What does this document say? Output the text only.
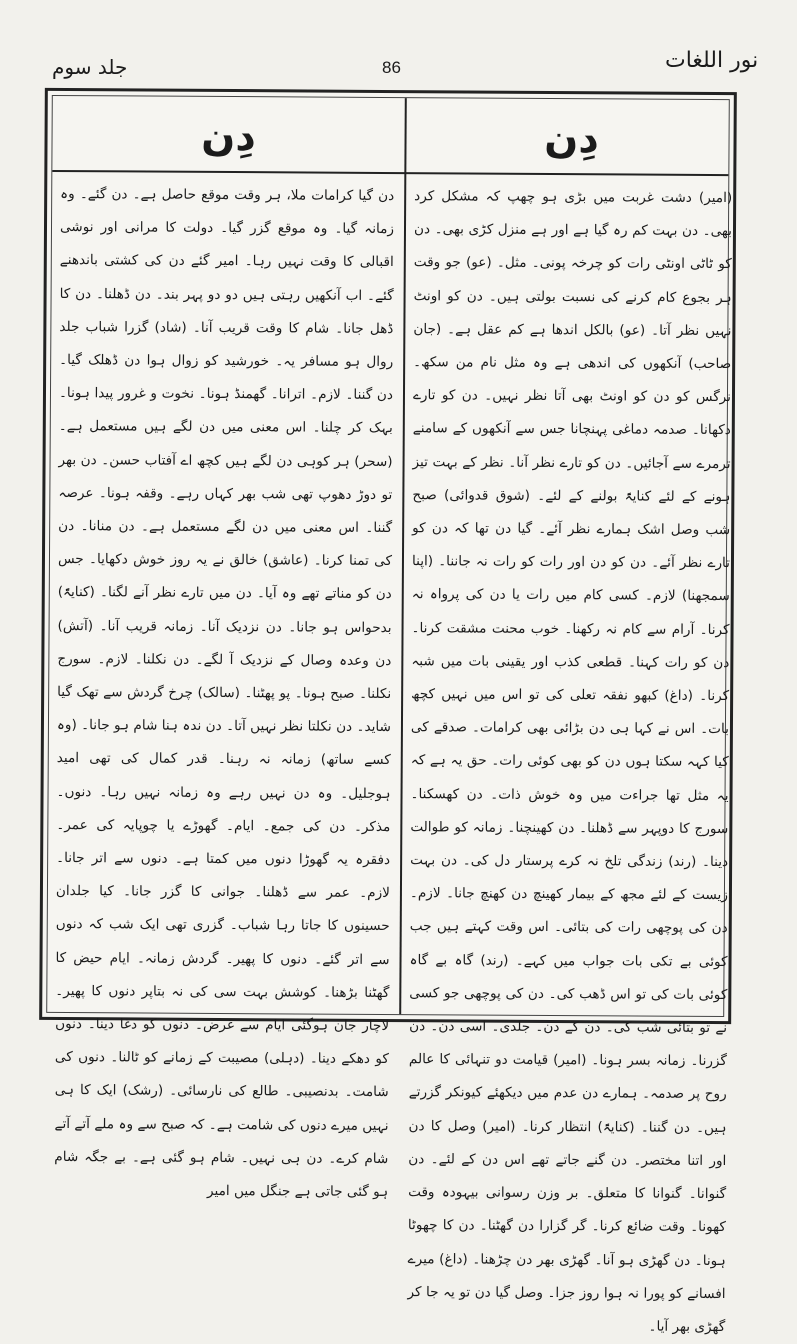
جلد سوم	86	نور اللغات
دِن	دِن

دن گیا کرامات ملا، ہر وقت موقع حاصل ہے۔ دن گئے۔ وہ زمانہ گیا۔ وہ موقع گزر گیا۔ دولت کا مرانی اور نوشی اقبالی کا وقت نہیں رہا۔ امیر گئے دن کی کشتی باندھنے گئے۔ اب آنکھیں رہتی ہیں دو دو پہر بند۔ دن ڈھلنا۔ دن کا ڈھل جانا۔ شام کا وقت قریب آنا۔ (شاد) گزرا شباب جلد روال ہو مسافر یہ۔ خورشید کو زوال ہوا دن ڈھلک گیا۔ دن گننا۔ لازم۔ اترانا۔ گھمنڈ ہونا۔ نخوت و غرور پیدا ہونا۔ بہک کر چلنا۔ اس معنی میں دن لگے ہیں مستعمل ہے۔ (سحر) ہر کوہی دن لگے ہیں کچھ اے آفتاب حسن۔ دن بھر تو دوڑ دھوپ تھی شب بھر کہاں رہے۔ وقفہ ہونا۔ عرصہ گننا۔ اس معنی میں دن لگے مستعمل ہے۔ دن منانا۔ دن کی تمنا کرنا۔ (عاشق) خالق نے یہ روز خوش دکھایا۔ جس دن کو مناتے تھے وہ آیا۔ دن میں تارے نظر آنے لگنا۔ (کنایۃً) بدحواس ہو جانا۔ دن نزدیک آنا۔ زمانہ قریب آنا۔ (آتش) دن وعدہ وصال کے نزدیک آ لگے۔ دن نکلنا۔ لازم۔ سورج نکلنا۔ صبح ہونا۔ پو پھٹنا۔ (سالک) چرخ گردش سے تھک گیا شاید۔ دن نکلتا نظر نہیں آتا۔ دن ندہ ہنا شام ہو جانا۔ (وہ کسے ساتھ) زمانہ نہ رہنا۔ قدر کمال کی تھی امید ہوجلیل۔ وہ دن نہیں رہے وہ زمانہ نہیں رہا۔ دنوں۔ مذکر۔ دن کی جمع۔ ایام۔ گھوڑے یا چوپایہ کی عمر۔ دفقرہ یہ گھوڑا دنوں میں کمتا ہے۔ دنوں سے اتر جانا۔ لازم۔ عمر سے ڈھلنا۔ جوانی کا گزر جانا۔ کیا جلدان حسینوں کا جاتا رہا شباب۔ گزری تھی ایک شب کہ دنوں سے اتر گئے۔ دنوں کا پھیر۔ گردش زمانہ۔ ایام حیض کا گھٹنا بڑھنا۔ کوشش بہت سی کی نہ بتاپر دنوں کا پھیر۔ لاچار جان ہوگئی ایام سے غرض۔ دنوں کو دغا دینا۔ دنوں کو دھکے دینا۔ (دہلی) مصیبت کے زمانے کو ٹالنا۔ دنوں کی شامت۔ بدنصیبی۔ طالع کی نارسائی۔ (رشک) ایک کا ہی نہیں میرے دنوں کی شامت ہے۔ کہ صبح سے وہ ملے آتے آتے شام کرے۔ دن ہی نہیں۔ شام ہو گئی ہے۔ بے جگہ شام ہو گئی جاتی ہے جنگل میں امیر

(امیر) دشت غربت میں بڑی ہو چھپ کہ مشکل کرد بھی۔ دن بہت کم رہ گیا ہے اور ہے منزل کڑی بھی۔ دن کو ٹاٹی اونٹی رات کو چرخہ پونی۔ مثل۔ (عو) جو وقت ہر بجوع کام کرنے کی نسبت بولتی ہیں۔ دن کو اونٹ نہیں نظر آتا۔ (عو) بالکل اندھا ہے کم عقل ہے۔ (جان صاحب) آنکھوں کی اندھی ہے وہ مثل نام من سکھ۔ نرگس کو دن کو اونٹ بھی آتا نظر نہیں۔ دن کو تارے دکھانا۔ صدمہ دماغی پہنچانا جس سے آنکھوں کے سامنے ترمرے سے آجائیں۔ دن کو تارے نظر آنا۔ نظر کے بہت تیز ہونے کے لئے کنایۃً بولنے کے لئے۔ (شوق قدوائی) صبح شب وصل اشک ہمارے نظر آئے۔ گیا دن تھا کہ دن کو تارے نظر آئے۔ دن کو دن اور رات کو رات نہ جاننا۔ (اپنا سمجھنا) لازم۔ کسی کام میں رات یا دن کی پرواہ نہ کرنا۔ آرام سے کام نہ رکھنا۔ خوب محنت مشقت کرنا۔ دن کو رات کہنا۔ قطعی کذب اور یقینی بات میں شبہ کرنا۔ (داغ) کبھو نفقہ تعلی کی تو اس میں نہیں کچھ بات۔ اس نے کہا ہی دن بڑائی بھی کرامات۔ صدقے کی کیا کہہ سکتا ہوں دن کو بھی کوئی رات۔ حق یہ ہے کہ یہ مثل تھا جراءت میں وہ خوش ذات۔ دن کھسکنا۔ سورج کا دوپہر سے ڈھلنا۔ دن کھینچنا۔ زمانہ کو طوالت دینا۔ (رند) زندگی تلخ نہ کرے پرستار دل کی۔ دن بہت زیست کے لئے مجھ کے بیمار کھینچ دن کھنچ جانا۔ لازم۔ دن کی پوچھی رات کی بتائی۔ اس وقت کہتے ہیں جب کوئی بے تکی بات جواب میں کہے۔ (رند) گاہ بے گاہ کوئی بات کی تو اس ڈھب کی۔ دن کی پوچھی جو کسی نے تو بتائی شب کی۔ دن کے دن۔ جلدی۔ اسی دن۔ دن گزرنا۔ زمانہ بسر ہونا۔ (امیر) قیامت دو تنہائی کا عالم روح پر صدمہ۔ ہمارے دن عدم میں دیکھئے کیونکر گزرتے ہیں۔ دن گننا۔ (کنایۃً) انتظار کرنا۔ (امیر) وصل کا دن اور اتنا مختصر۔ دن گنے جاتے تھے اس دن کے لئے۔ دن گنوانا۔ گنوانا کا متعلق۔ بر وزن رسوانی بیہودہ وقت کھونا۔ وقت ضائع کرنا۔ گر گزارا دن گھٹنا۔ دن کا چھوٹا ہونا۔ دن گھڑی ہو آنا۔ گھڑی بھر دن چڑھنا۔ (داغ) میرے افسانے کو پورا نہ ہوا روز جزا۔ وصل گیا دن تو یہ جا کر گھڑی بھر آیا۔
